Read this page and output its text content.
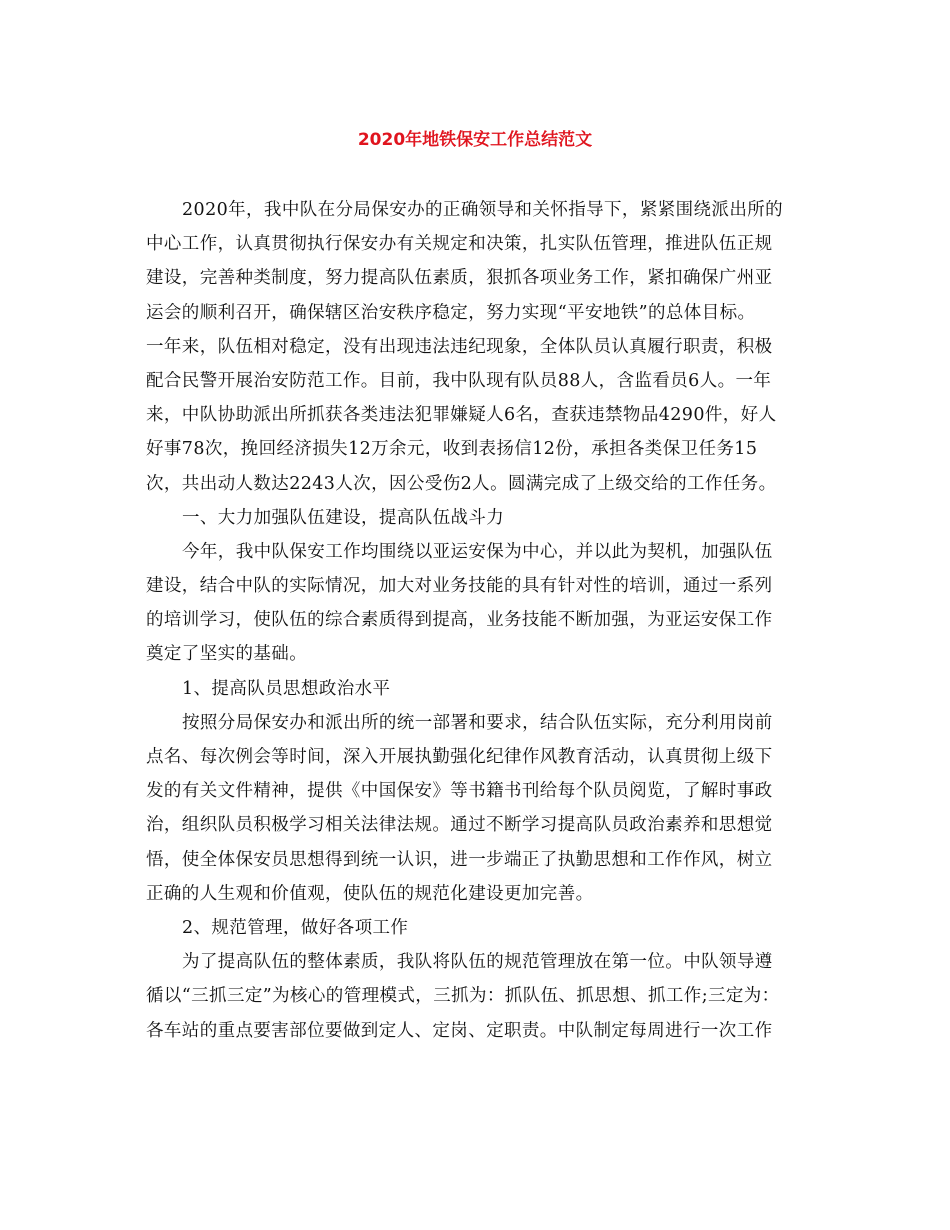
2020年地铁保安工作总结范文
2020年，我中队在分局保安办的正确领导和关怀指导下，紧紧围绕派出所的
中心工作，认真贯彻执行保安办有关规定和决策，扎实队伍管理，推进队伍正规
建设，完善种类制度，努力提高队伍素质，狠抓各项业务工作，紧扣确保广州亚
运会的顺利召开，确保辖区治安秩序稳定，努力实现“平安地铁”的总体目标。
一年来，队伍相对稳定，没有出现违法违纪现象，全体队员认真履行职责，积极
配合民警开展治安防范工作。目前，我中队现有队员88人，含监看员6人。一年
来，中队协助派出所抓获各类违法犯罪嫌疑人6名，查获违禁物品4290件，好人
好事78次，挽回经济损失12万余元，收到表扬信12份，承担各类保卫任务15
次，共出动人数达2243人次，因公受伤2人。圆满完成了上级交给的工作任务。
一、大力加强队伍建设，提高队伍战斗力
今年，我中队保安工作均围绕以亚运安保为中心，并以此为契机，加强队伍
建设，结合中队的实际情况，加大对业务技能的具有针对性的培训，通过一系列
的培训学习，使队伍的综合素质得到提高，业务技能不断加强，为亚运安保工作
奠定了坚实的基础。
1、提高队员思想政治水平
按照分局保安办和派出所的统一部署和要求，结合队伍实际，充分利用岗前
点名、每次例会等时间，深入开展执勤强化纪律作风教育活动，认真贯彻上级下
发的有关文件精神，提供《中国保安》等书籍书刊给每个队员阅览，了解时事政
治，组织队员积极学习相关法律法规。通过不断学习提高队员政治素养和思想觉
悟，使全体保安员思想得到统一认识，进一步端正了执勤思想和工作作风，树立
正确的人生观和价值观，使队伍的规范化建设更加完善。
2、规范管理，做好各项工作
为了提高队伍的整体素质，我队将队伍的规范管理放在第一位。中队领导遵
循以“三抓三定”为核心的管理模式，三抓为：抓队伍、抓思想、抓工作;三定为：
各车站的重点要害部位要做到定人、定岗、定职责。中队制定每周进行一次工作
